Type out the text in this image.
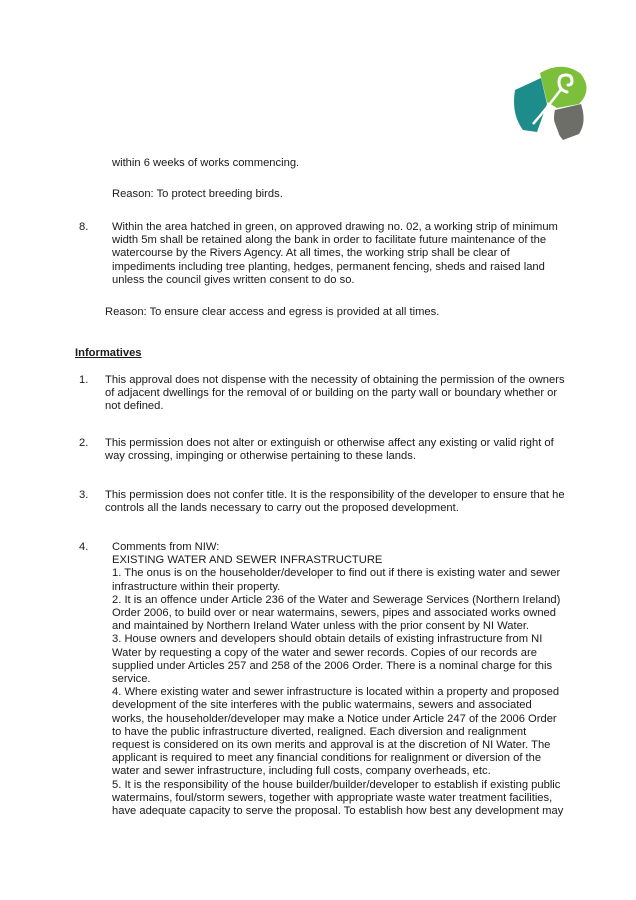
within 6 weeks of works commencing.

Reason: To protect breeding birds.

8. Within the area hatched in green, on approved drawing no. 02, a working strip of minimum
width 5m shall be retained along the bank in order to facilitate future maintenance of the
watercourse by the Rivers Agency. At all times, the working strip shall be clear of
impediments including tree planting, hedges, permanent fencing, sheds and raised land
unless the council gives written consent to do so.

Reason: To ensure clear access and egress is provided at all times.

Informatives

1. This approval does not dispense with the necessity of obtaining the permission of the owners
of adjacent dwellings for the removal of or building on the party wall or boundary whether or
not defined.

2. This permission does not alter or extinguish or otherwise affect any existing or valid right of
way crossing, impinging or otherwise pertaining to these lands.

3. This permission does not confer title. It is the responsibility of the developer to ensure that he
controls all the lands necessary to carry out the proposed development.

4. Comments from NIW:
EXISTING WATER AND SEWER INFRASTRUCTURE
1. The onus is on the householder/developer to find out if there is existing water and sewer
infrastructure within their property.
2. It is an offence under Article 236 of the Water and Sewerage Services (Northern Ireland)
Order 2006, to build over or near watermains, sewers, pipes and associated works owned
and maintained by Northern Ireland Water unless with the prior consent by NI Water.
3. House owners and developers should obtain details of existing infrastructure from NI
Water by requesting a copy of the water and sewer records. Copies of our records are
supplied under Articles 257 and 258 of the 2006 Order. There is a nominal charge for this
service.
4. Where existing water and sewer infrastructure is located within a property and proposed
development of the site interferes with the public watermains, sewers and associated
works, the householder/developer may make a Notice under Article 247 of the 2006 Order
to have the public infrastructure diverted, realigned. Each diversion and realignment
request is considered on its own merits and approval is at the discretion of NI Water. The
applicant is required to meet any financial conditions for realignment or diversion of the
water and sewer infrastructure, including full costs, company overheads, etc.
5. It is the responsibility of the house builder/builder/developer to establish if existing public
watermains, foul/storm sewers, together with appropriate waste water treatment facilities,
have adequate capacity to serve the proposal. To establish how best any development may
